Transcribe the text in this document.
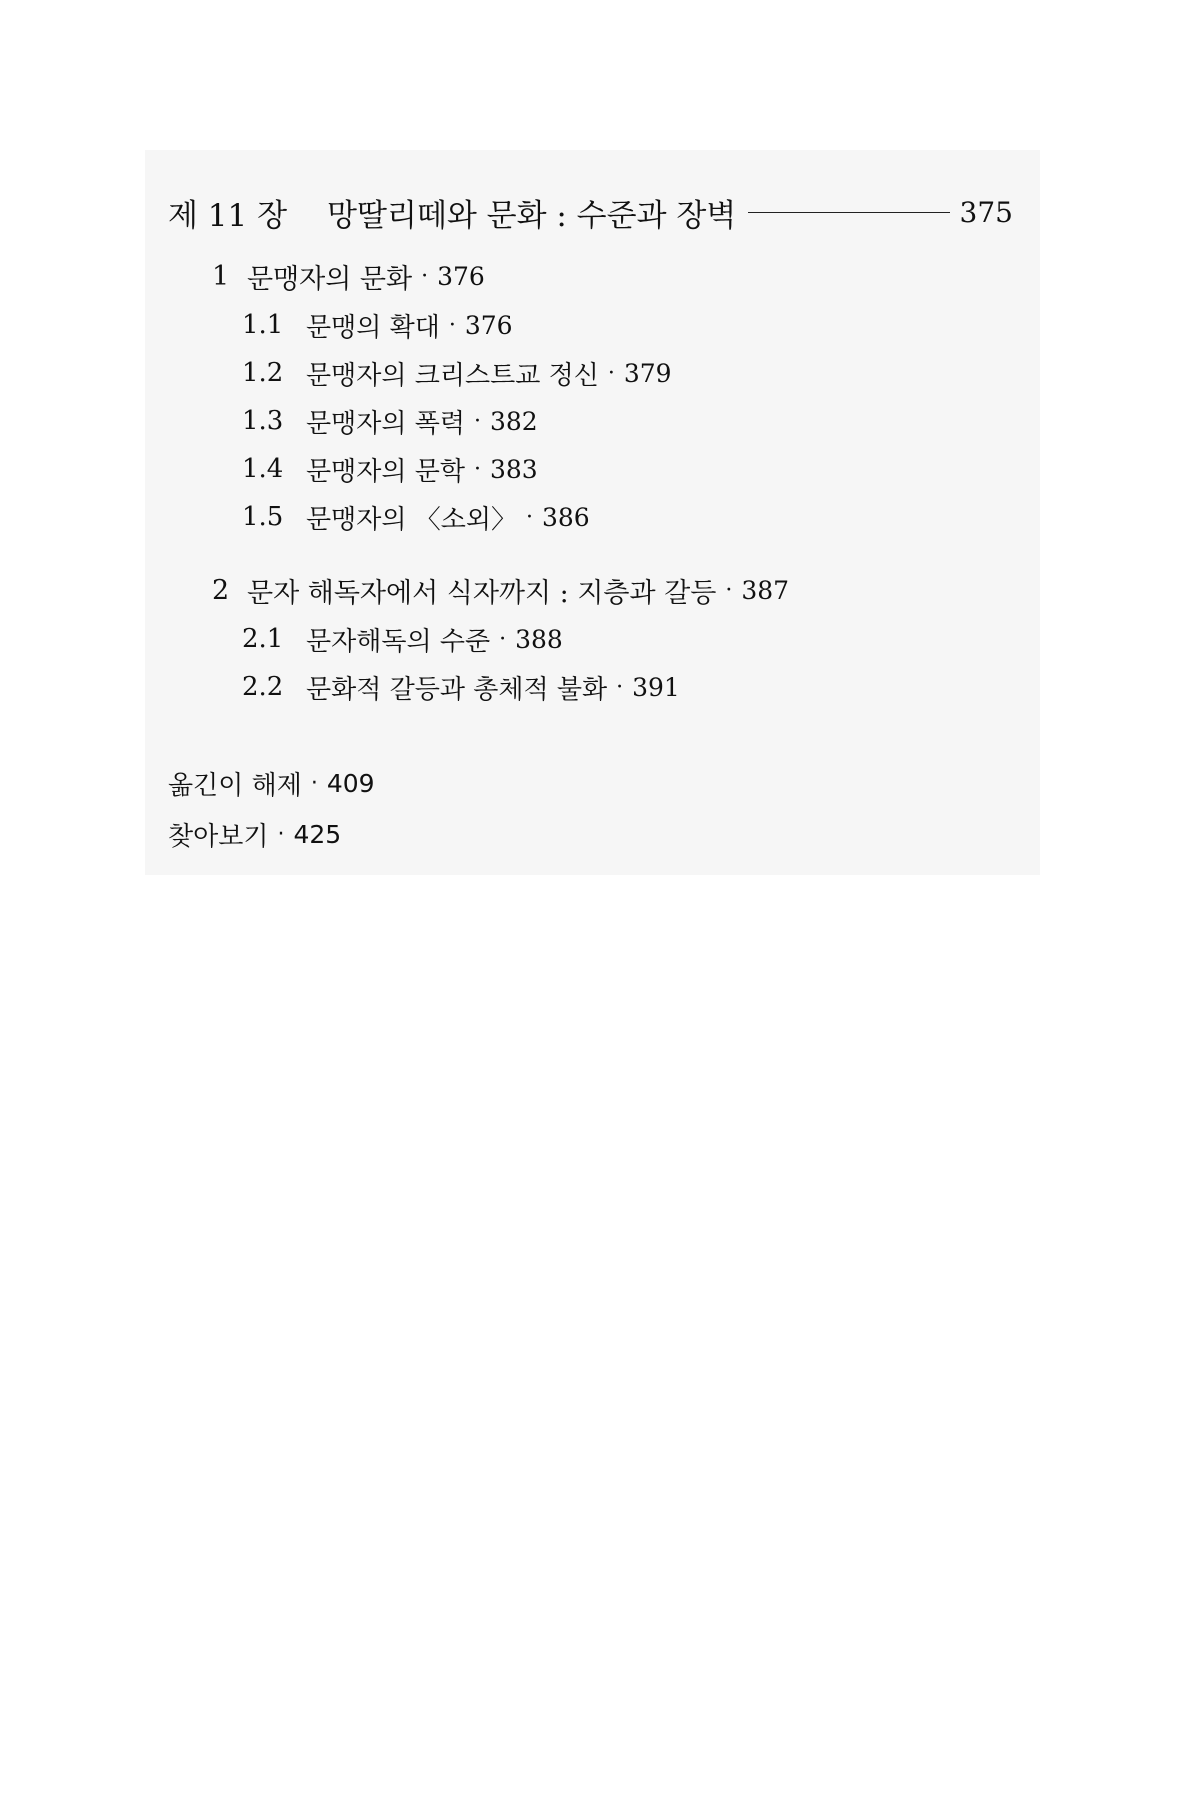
제 11 장 망딸리떼와 문화 : 수준과 장벽	375
1 문맹자의 문화 · 376
1.1 문맹의 확대 · 376
1.2 문맹자의 크리스트교 정신 · 379
1.3 문맹자의 폭력 · 382
1.4 문맹자의 문학 · 383
1.5 문맹자의 〈소외〉 · 386
2 문자 해독자에서 식자까지 : 지층과 갈등 · 387
2.1 문자해독의 수준 · 388
2.2 문화적 갈등과 총체적 불화 · 391
옮긴이 해제 · 409
찾아보기 · 425
